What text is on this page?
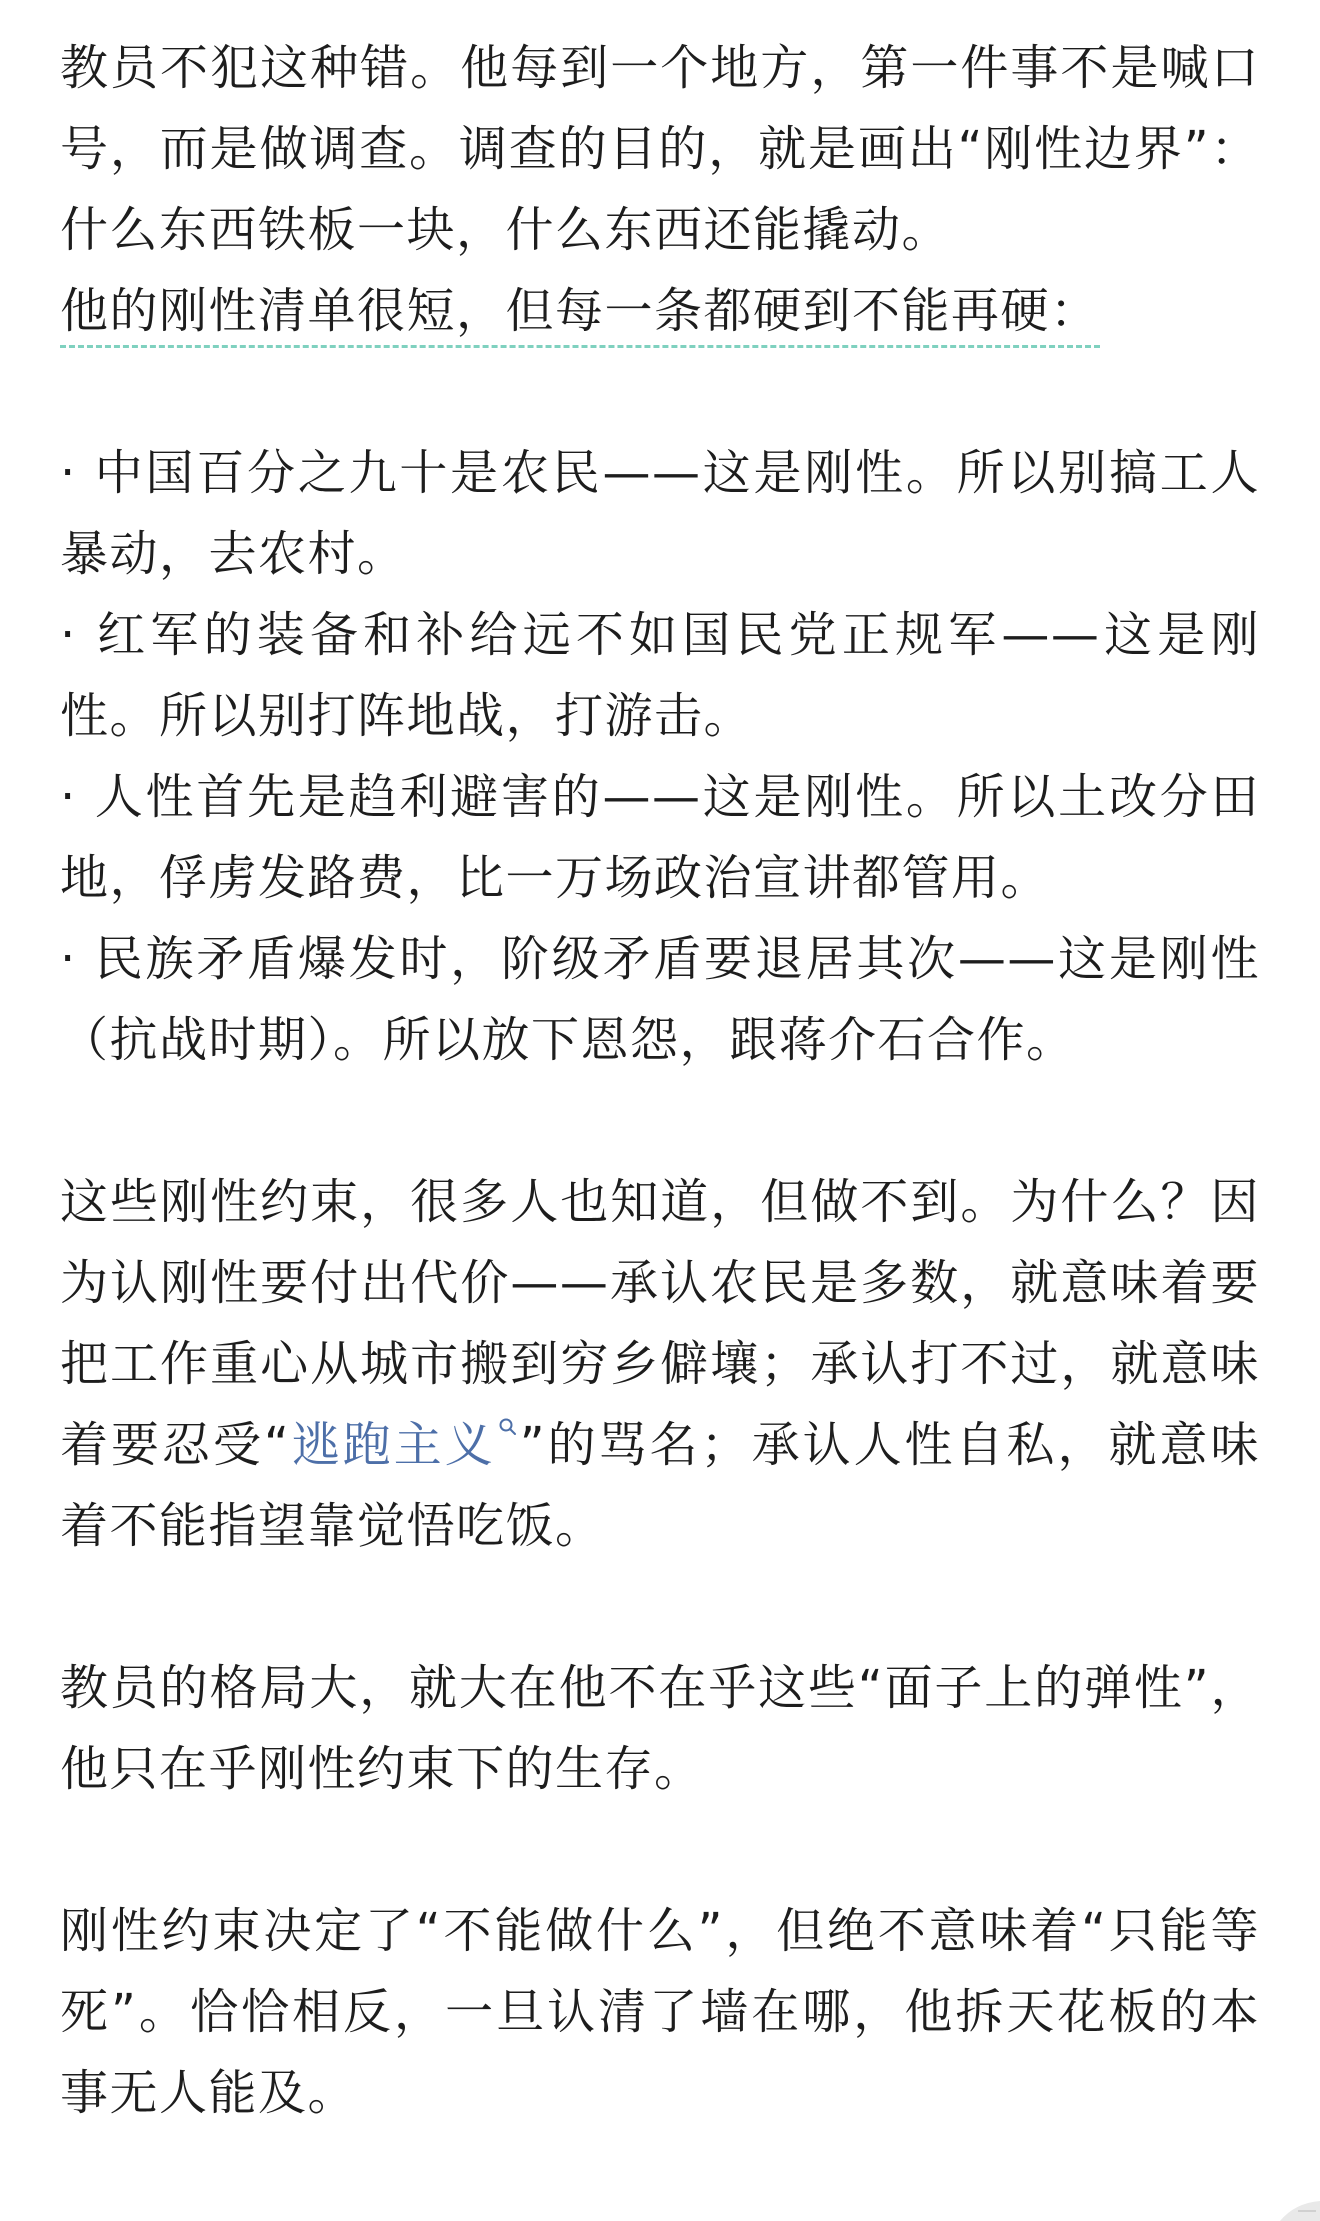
教员不犯这种错。他每到一个地方，第一件事不是喊口号，而是做调查。调查的目的，就是画出“刚性边界”：什么东西铁板一块，什么东西还能撬动。
他的刚性清单很短，但每一条都硬到不能再硬：

· 中国百分之九十是农民——这是刚性。所以别搞工人暴动，去农村。

· 红军的装备和补给远不如国民党正规军——这是刚性。所以别打阵地战，打游击。

· 人性首先是趋利避害的——这是刚性。所以土改分田地，俘虏发路费，比一万场政治宣讲都管用。

· 民族矛盾爆发时，阶级矛盾要退居其次——这是刚性（抗战时期）。所以放下恩怨，跟蒋介石合作。

这些刚性约束，很多人也知道，但做不到。为什么？因为认刚性要付出代价——承认农民是多数，就意味着要把工作重心从城市搬到穷乡僻壤；承认打不过，就意味着要忍受“逃跑主义 ”的骂名；承认人性自私，就意味着不能指望靠觉悟吃饭。

教员的格局大，就大在他不在乎这些“面子上的弹性”，他只在乎刚性约束下的生存。

刚性约束决定了“不能做什么”，但绝不意味着“只能等死”。恰恰相反，一旦认清了墙在哪，他拆天花板的本事无人能及。
